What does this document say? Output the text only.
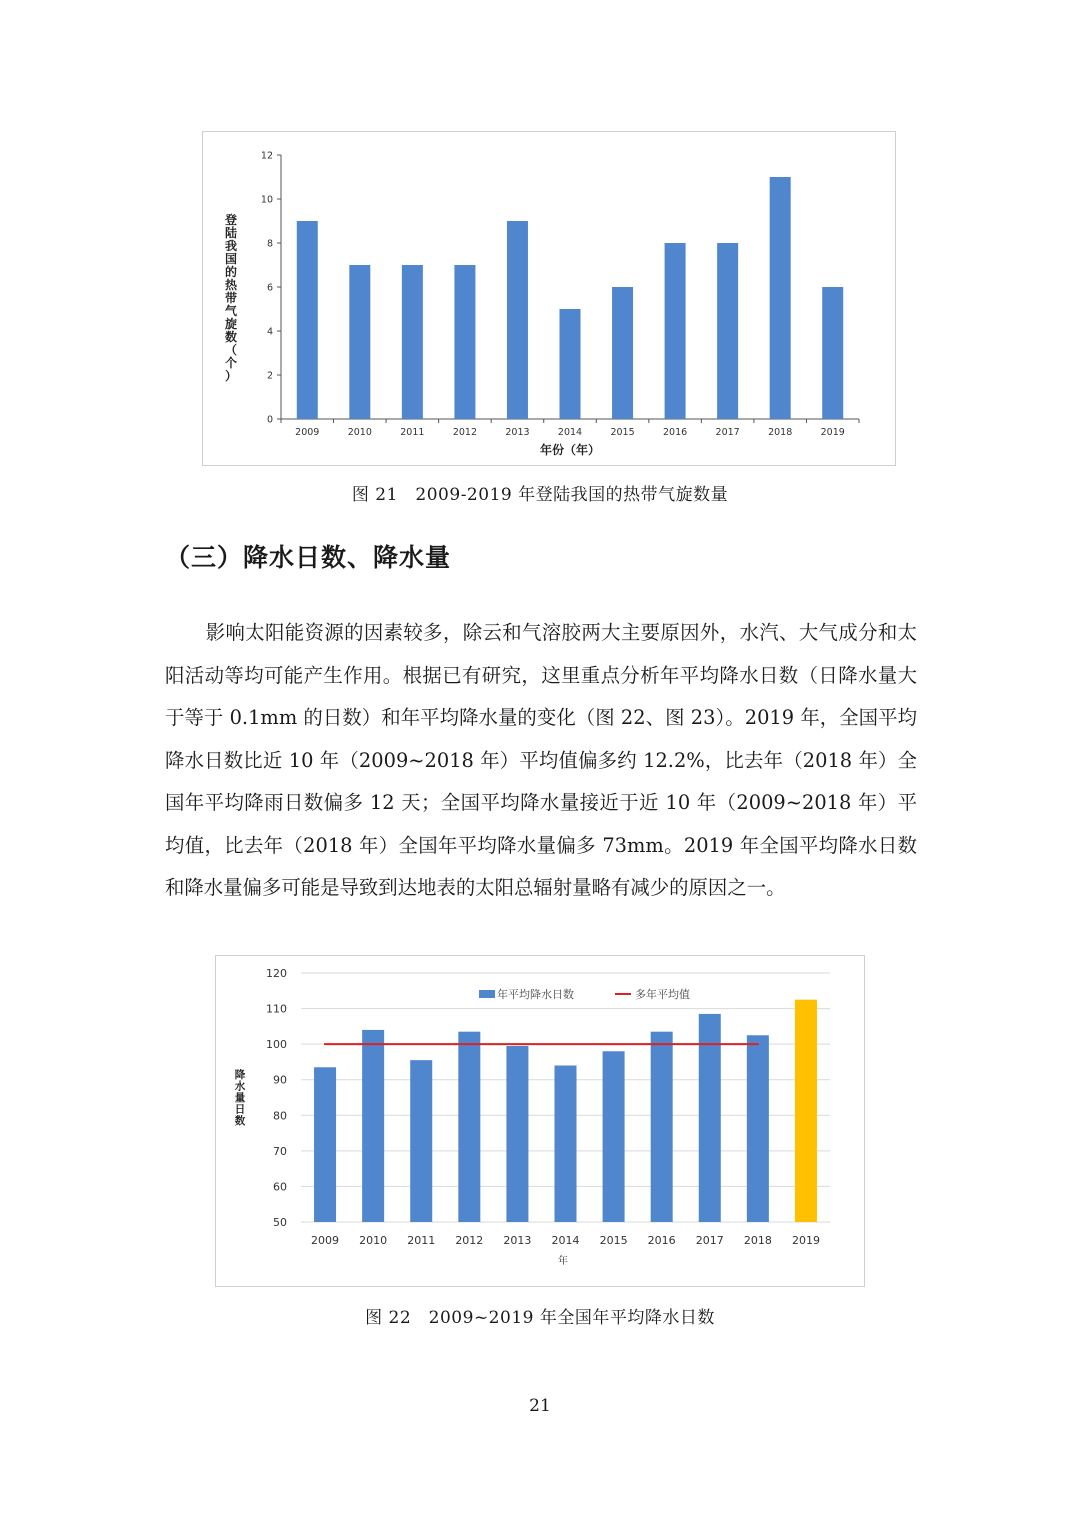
0
2
4
6
8
10
12
2009	2010	2011	2012	2013	2014	2015	2016	2017	2018	2019
年份（年）
登陆我国的热带气旋数（个）
图 21　2009-2019 年登陆我国的热带气旋数量
（三）降水日数、降水量

影响太阳能资源的因素较多，除云和气溶胶两大主要原因外，水汽、大气成分和太阳活动等均可能产生作用。根据已有研究，这里重点分析年平均降水日数（日降水量大于等于 0.1mm 的日数）和年平均降水量的变化（图 22、图 23）。2019 年，全国平均降水日数比近 10 年（2009~2018 年）平均值偏多约 12.2%，比去年（2018 年）全国年平均降雨日数偏多 12 天；全国平均降水量接近于近 10 年（2009~2018 年）平均值，比去年（2018 年）全国年平均降水量偏多 73mm。2019 年全国平均降水日数和降水量偏多可能是导致到达地表的太阳总辐射量略有减少的原因之一。

50
60
70
80
90
100
110
120
2009 2010 2011 2012 2013 2014 2015 2016 2017 2018 2019
年平均降水日数	多年平均值
年
降水量日数
图 22　2009~2019 年全国年平均降水日数
21
